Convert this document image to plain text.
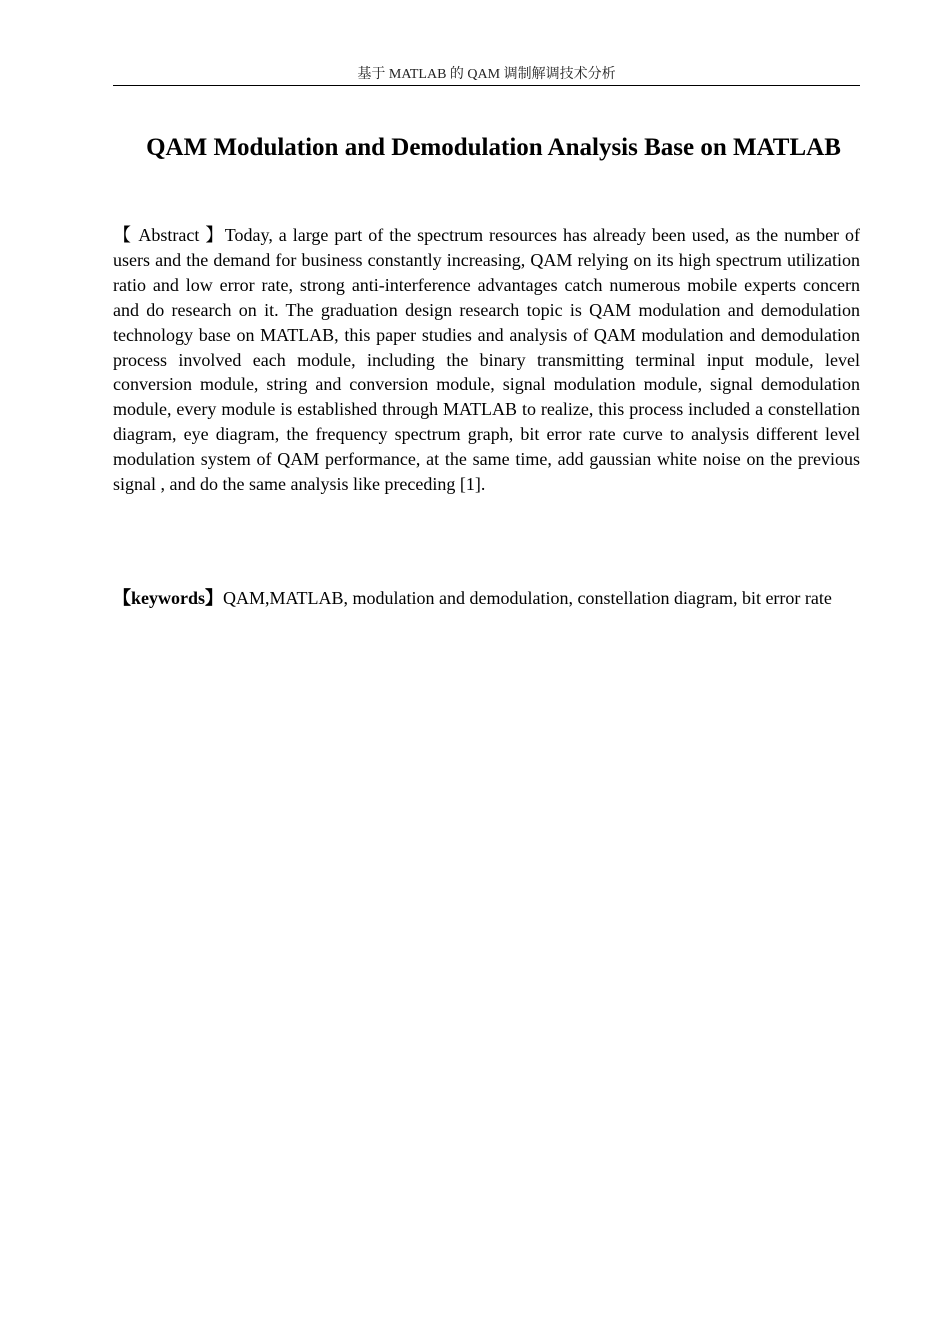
基于 MATLAB 的 QAM 调制解调技术分析
QAM Modulation and Demodulation Analysis Base on MATLAB

【 Abstract 】Today, a large part of the spectrum resources has already been used, as the number of users and the demand for business constantly increasing, QAM relying on its high spectrum utilization ratio and low error rate, strong anti-interference advantages catch numerous mobile experts concern and do research on it. The graduation design research topic is QAM modulation and demodulation technology base on MATLAB, this paper studies and analysis of QAM modulation and demodulation process involved each module, including the binary transmitting terminal input module, level conversion module, string and conversion module, signal modulation module, signal demodulation module, every module is established through MATLAB to realize, this process included a constellation diagram, eye diagram, the frequency spectrum graph, bit error rate curve to analysis different level modulation system of QAM performance, at the same time, add gaussian white noise on the previous signal , and do the same analysis like preceding [1].

【keywords】QAM,MATLAB, modulation and demodulation, constellation diagram, bit error rate
